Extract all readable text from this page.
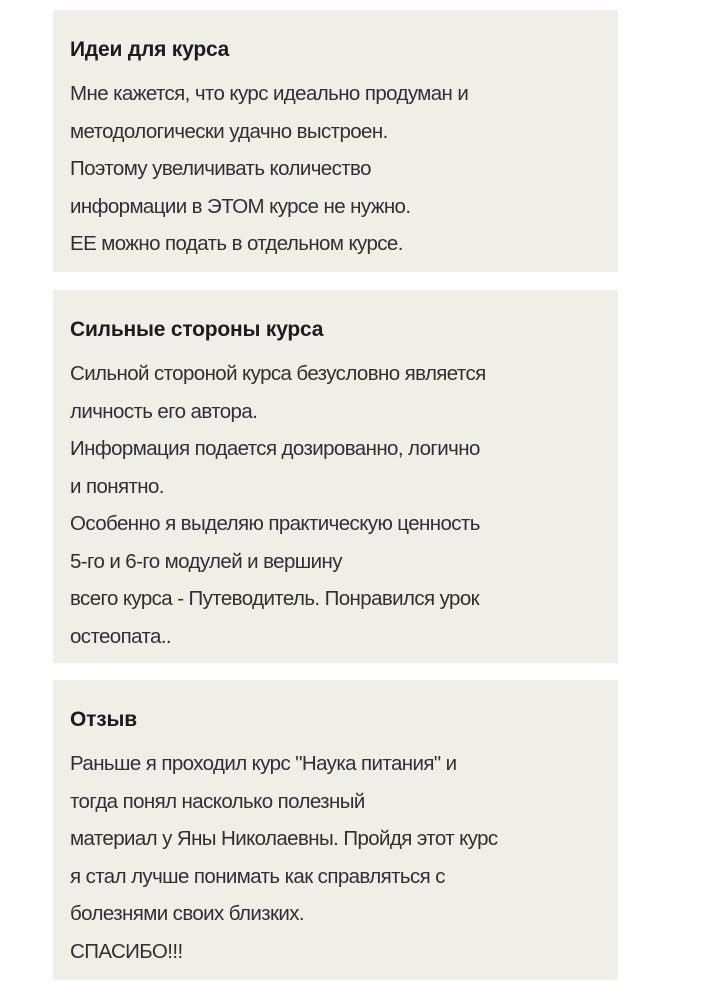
Идеи для курса
Мне кажется, что курс идеально продуман и
методологически удачно выстроен.
Поэтому увеличивать количество
информации в ЭТОМ курсе не нужно.
ЕЕ можно подать в отдельном курсе.
Сильные стороны курса
Сильной стороной курса безусловно является
личность его автора.
Информация подается дозированно, логично
и понятно.
Особенно я выделяю практическую ценность
5-го и 6-го модулей и вершину
всего курса - Путеводитель. Понравился урок
остеопата..
Отзыв
Раньше я проходил курс "Наука питания" и
тогда понял насколько полезный
материал у Яны Николаевны. Пройдя этот курс
я стал лучше понимать как справляться с
болезнями своих близких.
СПАСИБО!!!
